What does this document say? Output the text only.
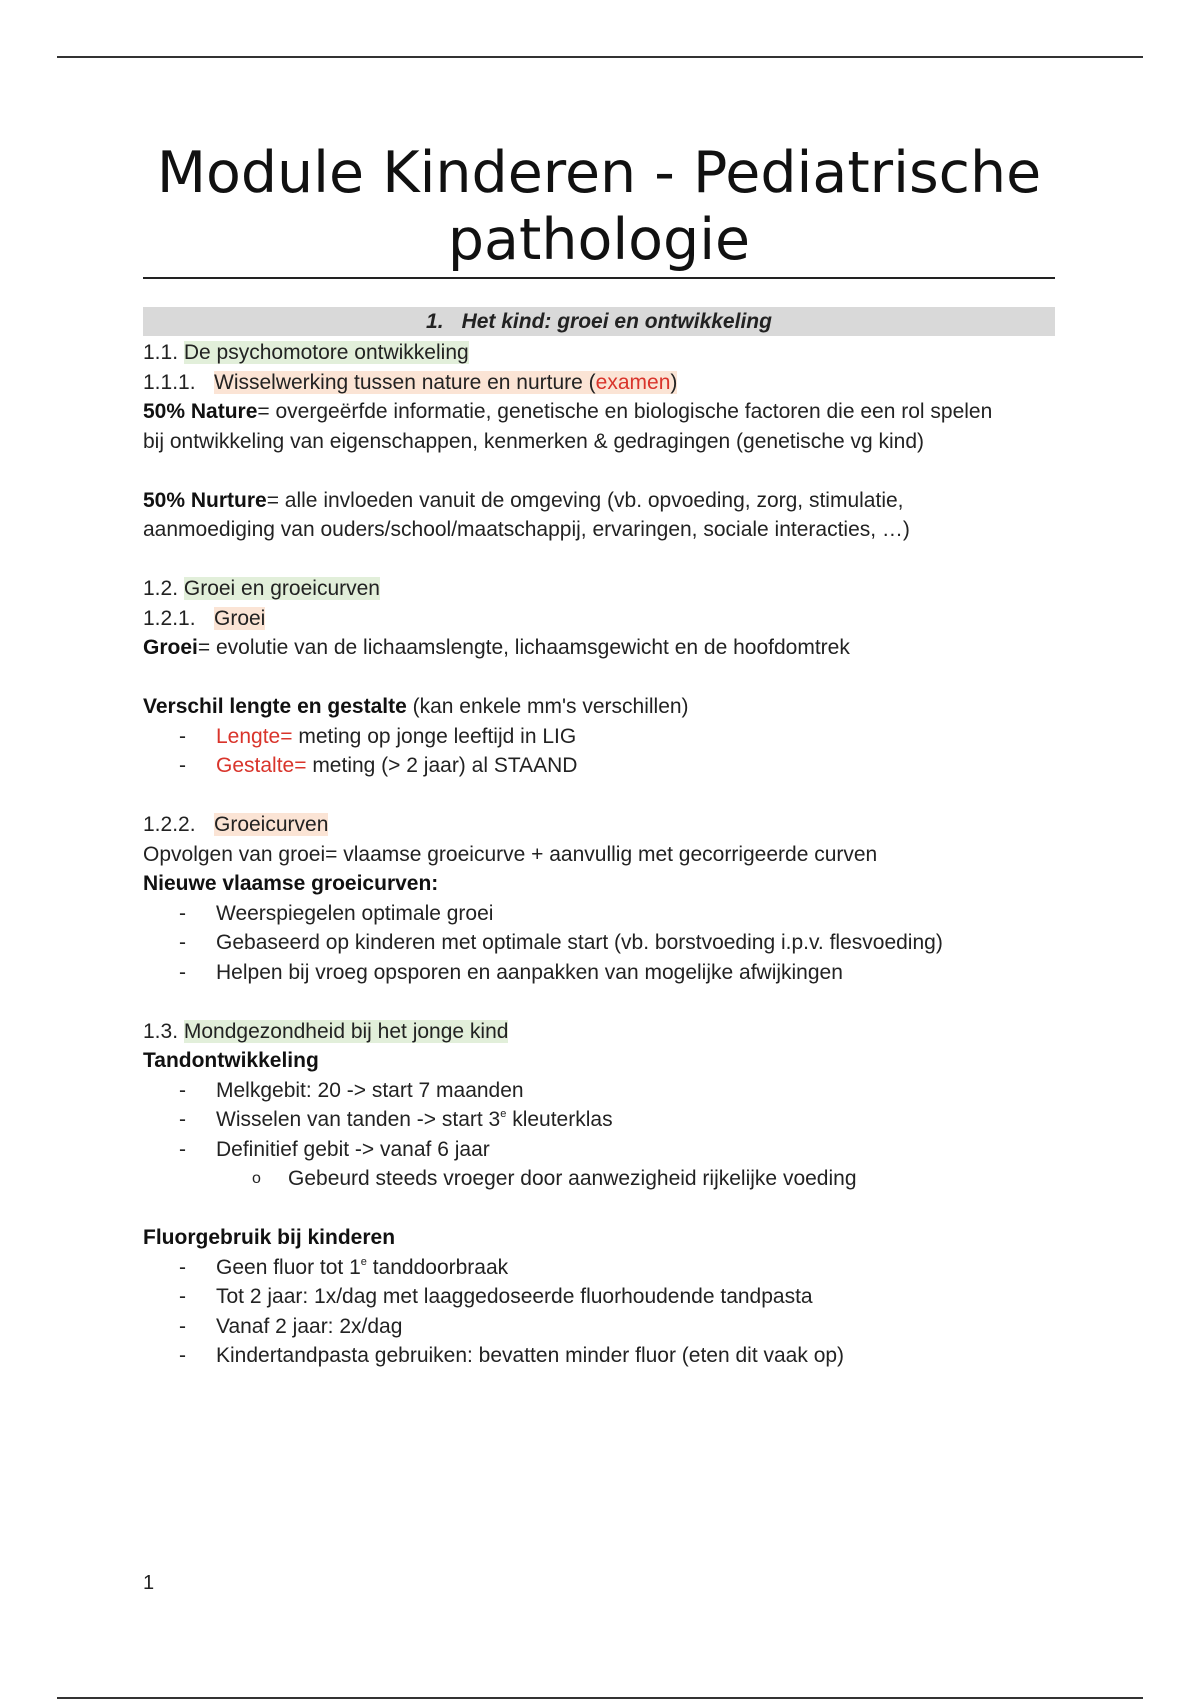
Module Kinderen - Pediatrische pathologie
1. Het kind: groei en ontwikkeling
1.1. De psychomotore ontwikkeling
1.1.1. Wisselwerking tussen nature en nurture (examen)
50% Nature= overgeërfde informatie, genetische en biologische factoren die een rol spelen
bij ontwikkeling van eigenschappen, kenmerken & gedragingen (genetische vg kind)
50% Nurture= alle invloeden vanuit de omgeving (vb. opvoeding, zorg, stimulatie,
aanmoediging van ouders/school/maatschappij, ervaringen, sociale interacties, …)
1.2. Groei en groeicurven
1.2.1. Groei
Groei= evolutie van de lichaamslengte, lichaamsgewicht en de hoofdomtrek
Verschil lengte en gestalte (kan enkele mm's verschillen)
- Lengte= meting op jonge leeftijd in LIG
- Gestalte= meting (> 2 jaar) al STAAND
1.2.2. Groeicurven
Opvolgen van groei= vlaamse groeicurve + aanvullig met gecorrigeerde curven
Nieuwe vlaamse groeicurven:
- Weerspiegelen optimale groei
- Gebaseerd op kinderen met optimale start (vb. borstvoeding i.p.v. flesvoeding)
- Helpen bij vroeg opsporen en aanpakken van mogelijke afwijkingen
1.3. Mondgezondheid bij het jonge kind
Tandontwikkeling
- Melkgebit: 20 -> start 7 maanden
- Wisselen van tanden -> start 3e kleuterklas
- Definitief gebit -> vanaf 6 jaar
o Gebeurd steeds vroeger door aanwezigheid rijkelijke voeding
Fluorgebruik bij kinderen
- Geen fluor tot 1e tanddoorbraak
- Tot 2 jaar: 1x/dag met laaggedoseerde fluorhoudende tandpasta
- Vanaf 2 jaar: 2x/dag
- Kindertandpasta gebruiken: bevatten minder fluor (eten dit vaak op)
1
